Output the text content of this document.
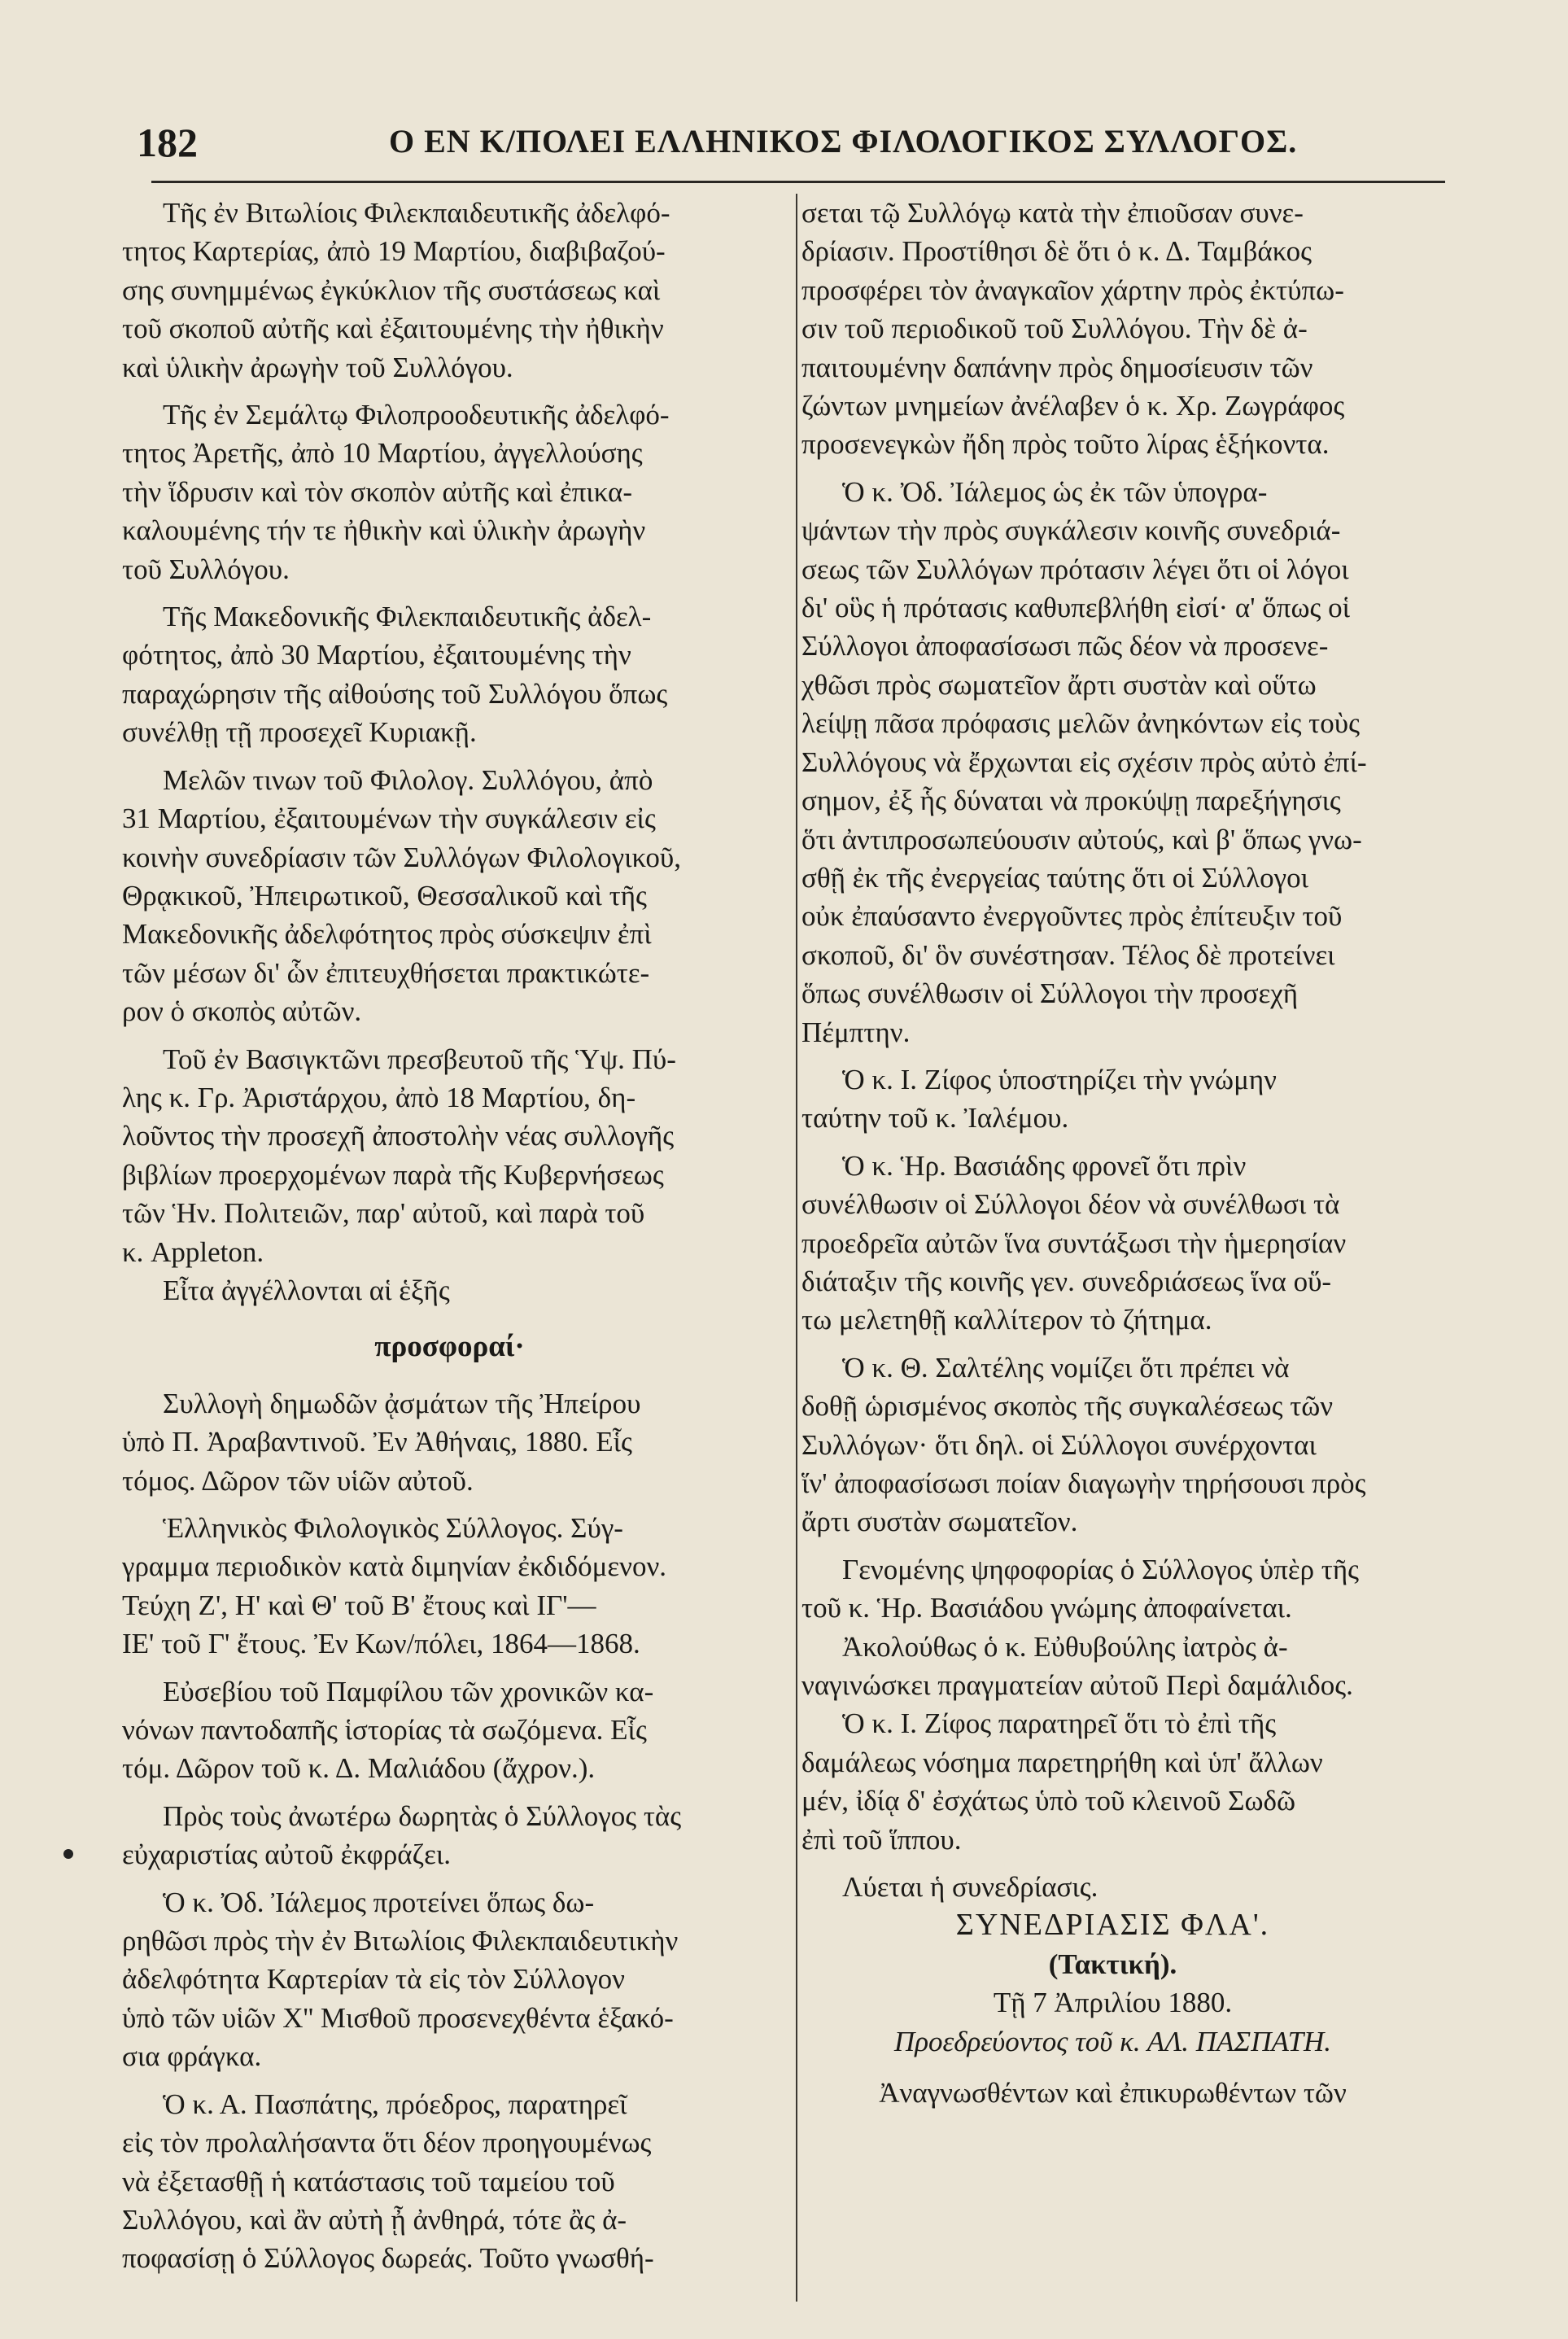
182	Ο ΕΝ Κ/ΠΟΛΕΙ ΕΛΛΗΝΙΚΟΣ ΦΙΛΟΛΟΓΙΚΟΣ ΣΥΛΛΟΓΟΣ.

Τῆς ἐν Βιτωλίοις Φιλεκπαιδευτικῆς ἀδελφό-
τητος Καρτερίας, ἀπὸ 19 Μαρτίου, διαβιβαζού-
σης συνημμένως ἐγκύκλιον τῆς συστάσεως καὶ
τοῦ σκοποῦ αὐτῆς καὶ ἐξαιτουμένης τὴν ἠθικὴν
καὶ ὑλικὴν ἀρωγὴν τοῦ Συλλόγου.

Τῆς ἐν Σεμάλτῳ Φιλοπροοδευτικῆς ἀδελφό-
τητος Ἀρετῆς, ἀπὸ 10 Μαρτίου, ἀγγελλούσης
τὴν ἵδρυσιν καὶ τὸν σκοπὸν αὐτῆς καὶ ἐπικα-
καλουμένης τήν τε ἠθικὴν καὶ ὑλικὴν ἀρωγὴν
τοῦ Συλλόγου.

Τῆς Μακεδονικῆς Φιλεκπαιδευτικῆς ἀδελ-
φότητος, ἀπὸ 30 Μαρτίου, ἐξαιτουμένης τὴν
παραχώρησιν τῆς αἰθούσης τοῦ Συλλόγου ὅπως
συνέλθῃ τῇ προσεχεῖ Κυριακῇ.

Μελῶν τινων τοῦ Φιλολογ. Συλλόγου, ἀπὸ
31 Μαρτίου, ἐξαιτουμένων τὴν συγκάλεσιν εἰς
κοινὴν συνεδρίασιν τῶν Συλλόγων Φιλολογικοῦ,
Θρᾳκικοῦ, Ἠπειρωτικοῦ, Θεσσαλικοῦ καὶ τῆς
Μακεδονικῆς ἀδελφότητος πρὸς σύσκεψιν ἐπὶ
τῶν μέσων δι' ὧν ἐπιτευχθήσεται πρακτικώτε-
ρον ὁ σκοπὸς αὐτῶν.

Τοῦ ἐν Βασιγκτῶνι πρεσβευτοῦ τῆς Ὑψ. Πύ-
λης κ. Γρ. Ἀριστάρχου, ἀπὸ 18 Μαρτίου, δη-
λοῦντος τὴν προσεχῆ ἀποστολὴν νέας συλλογῆς
βιβλίων προερχομένων παρὰ τῆς Κυβερνήσεως
τῶν Ἡν. Πολιτειῶν, παρ' αὐτοῦ, καὶ παρὰ τοῦ
κ. Appleton.

Εἶτα ἀγγέλλονται αἱ ἑξῆς

προσφοραί·

Συλλογὴ δημωδῶν ᾀσμάτων τῆς Ἠπείρου
ὑπὸ Π. Ἀραβαντινοῦ. Ἐν Ἀθήναις, 1880. Εἷς
τόμος. Δῶρον τῶν υἱῶν αὐτοῦ.

Ἑλληνικὸς Φιλολογικὸς Σύλλογος. Σύγ-
γραμμα περιοδικὸν κατὰ διμηνίαν ἐκδιδόμενον.
Τεύχη Ζ', Η' καὶ Θ' τοῦ Β' ἔτους καὶ ΙΓ'—
ΙΕ' τοῦ Γ' ἔτους. Ἐν Κων/πόλει, 1864—1868.

Εὐσεβίου τοῦ Παμφίλου τῶν χρονικῶν κα-
νόνων παντοδαπῆς ἱστορίας τὰ σωζόμενα. Εἷς
τόμ. Δῶρον τοῦ κ. Δ. Μαλιάδου (ἄχρον.).

Πρὸς τοὺς ἀνωτέρω δωρητὰς ὁ Σύλλογος τὰς
εὐχαριστίας αὐτοῦ ἐκφράζει.

Ὁ κ. Ὀδ. Ἰάλεμος προτείνει ὅπως δω-
ρηθῶσι πρὸς τὴν ἐν Βιτωλίοις Φιλεκπαιδευτικὴν
ἀδελφότητα Καρτερίαν τὰ εἰς τὸν Σύλλογον
ὑπὸ τῶν υἱῶν Χ'' Μισθοῦ προσενεχθέντα ἑξακό-
σια φράγκα.

Ὁ κ. Α. Πασπάτης, πρόεδρος, παρατηρεῖ
εἰς τὸν προλαλήσαντα ὅτι δέον προηγουμένως
νὰ ἐξετασθῇ ἡ κατάστασις τοῦ ταμείου τοῦ
Συλλόγου, καὶ ἂν αὐτὴ ᾖ ἀνθηρά, τότε ἂς ἀ-
ποφασίσῃ ὁ Σύλλογος δωρεάς. Τοῦτο γνωσθή-

σεται τῷ Συλλόγῳ κατὰ τὴν ἐπιοῦσαν συνε-
δρίασιν. Προστίθησι δὲ ὅτι ὁ κ. Δ. Ταμβάκος
προσφέρει τὸν ἀναγκαῖον χάρτην πρὸς ἐκτύπω-
σιν τοῦ περιοδικοῦ τοῦ Συλλόγου. Τὴν δὲ ἀ-
παιτουμένην δαπάνην πρὸς δημοσίευσιν τῶν
ζώντων μνημείων ἀνέλαβεν ὁ κ. Χρ. Ζωγράφος
προσενεγκὼν ἤδη πρὸς τοῦτο λίρας ἑξήκοντα.

Ὁ κ. Ὀδ. Ἰάλεμος ὡς ἐκ τῶν ὑπογρα-
ψάντων τὴν πρὸς συγκάλεσιν κοινῆς συνεδριά-
σεως τῶν Συλλόγων πρότασιν λέγει ὅτι οἱ λόγοι
δι' οὓς ἡ πρότασις καθυπεβλήθη εἰσί· α' ὅπως οἱ
Σύλλογοι ἀποφασίσωσι πῶς δέον νὰ προσενε-
χθῶσι πρὸς σωματεῖον ἄρτι συστὰν καὶ οὕτω
λείψῃ πᾶσα πρόφασις μελῶν ἀνηκόντων εἰς τοὺς
Συλλόγους νὰ ἔρχωνται εἰς σχέσιν πρὸς αὐτὸ ἐπί-
σημον, ἐξ ἧς δύναται νὰ προκύψῃ παρεξήγησις
ὅτι ἀντιπροσωπεύουσιν αὐτούς, καὶ β' ὅπως γνω-
σθῇ ἐκ τῆς ἐνεργείας ταύτης ὅτι οἱ Σύλλογοι
οὐκ ἐπαύσαντο ἐνεργοῦντες πρὸς ἐπίτευξιν τοῦ
σκοποῦ, δι' ὃν συνέστησαν. Τέλος δὲ προτείνει
ὅπως συνέλθωσιν οἱ Σύλλογοι τὴν προσεχῆ
Πέμπτην.

Ὁ κ. Ι. Ζίφος ὑποστηρίζει τὴν γνώμην
ταύτην τοῦ κ. Ἰαλέμου.

Ὁ κ. Ἡρ. Βασιάδης φρονεῖ ὅτι πρὶν
συνέλθωσιν οἱ Σύλλογοι δέον νὰ συνέλθωσι τὰ
προεδρεῖα αὐτῶν ἵνα συντάξωσι τὴν ἡμερησίαν
διάταξιν τῆς κοινῆς γεν. συνεδριάσεως ἵνα οὕ-
τω μελετηθῇ καλλίτερον τὸ ζήτημα.

Ὁ κ. Θ. Σαλτέλης νομίζει ὅτι πρέπει νὰ
δοθῇ ὡρισμένος σκοπὸς τῆς συγκαλέσεως τῶν
Συλλόγων· ὅτι δηλ. οἱ Σύλλογοι συνέρχονται
ἵν' ἀποφασίσωσι ποίαν διαγωγὴν τηρήσουσι πρὸς
ἄρτι συστὰν σωματεῖον.

Γενομένης ψηφοφορίας ὁ Σύλλογος ὑπὲρ τῆς
τοῦ κ. Ἡρ. Βασιάδου γνώμης ἀποφαίνεται.

Ἀκολούθως ὁ κ. Εὐθυβούλης ἰατρὸς ἀ-
ναγινώσκει πραγματείαν αὐτοῦ Περὶ δαμάλιδος.

Ὁ κ. Ι. Ζίφος παρατηρεῖ ὅτι τὸ ἐπὶ τῆς
δαμάλεως νόσημα παρετηρήθη καὶ ὑπ' ἄλλων
μέν, ἰδίᾳ δ' ἐσχάτως ὑπὸ τοῦ κλεινοῦ Σωδῶ
ἐπὶ τοῦ ἵππου.

Λύεται ἡ συνεδρίασις.

ΣΥΝΕΔΡΙΑΣΙΣ ΦΛΑ'.

(Τακτική).

Τῇ 7 Ἀπριλίου 1880.

Προεδρεύοντος τοῦ κ. ΑΛ. ΠΑΣΠΑΤΗ.

Ἀναγνωσθέντων καὶ ἐπικυρωθέντων τῶν
